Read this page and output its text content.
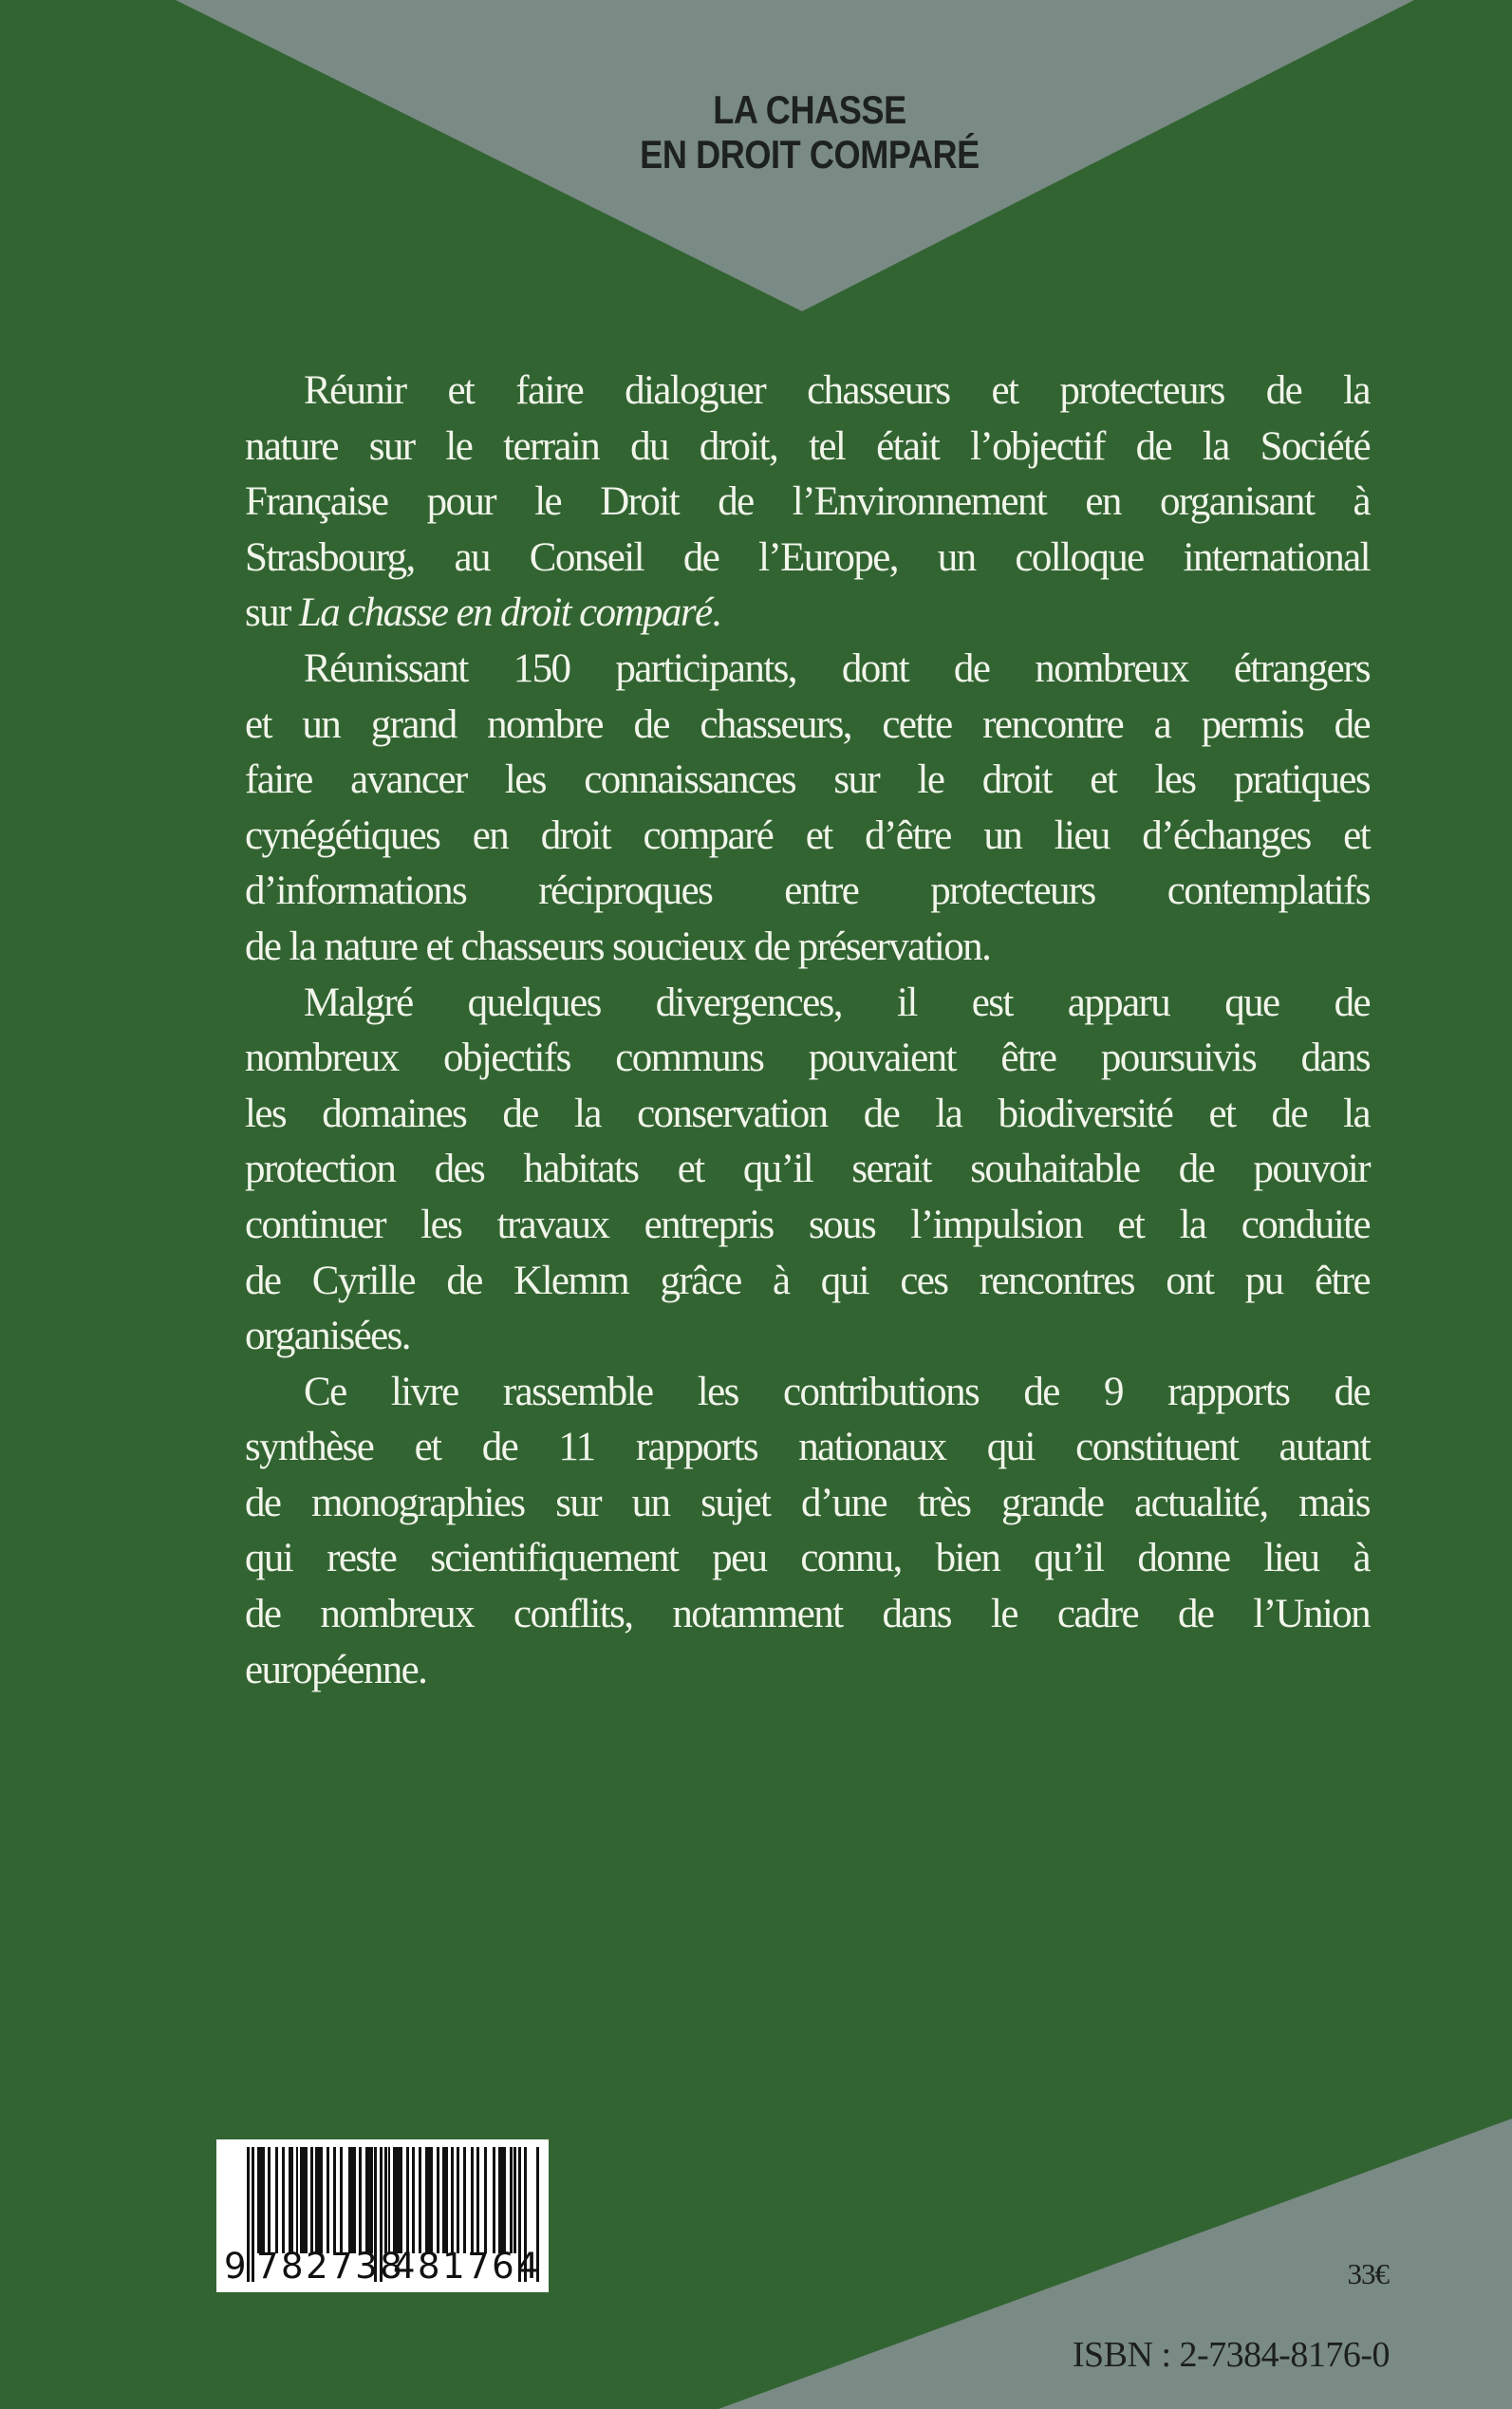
LA CHASSE
EN DROIT COMPARÉ
Réunir et faire dialoguer chasseurs et protecteurs de la
nature sur le terrain du droit, tel était l’objectif de la Société
Française pour le Droit de l’Environnement en organisant à
Strasbourg, au Conseil de l’Europe, un colloque international
sur La chasse en droit comparé.
Réunissant 150 participants, dont de nombreux étrangers
et un grand nombre de chasseurs, cette rencontre a permis de
faire avancer les connaissances sur le droit et les pratiques
cynégétiques en droit comparé et d’être un lieu d’échanges et
d’informations réciproques entre protecteurs contemplatifs
de la nature et chasseurs soucieux de préservation.
Malgré quelques divergences, il est apparu que de
nombreux objectifs communs pouvaient être poursuivis dans
les domaines de la conservation de la biodiversité et de la
protection des habitats et qu’il serait souhaitable de pouvoir
continuer les travaux entrepris sous l’impulsion et la conduite
de Cyrille de Klemm grâce à qui ces rencontres ont pu être
organisées.
Ce livre rassemble les contributions de 9 rapports de
synthèse et de 11 rapports nationaux qui constituent autant
de monographies sur un sujet d’une très grande actualité, mais
qui reste scientifiquement peu connu, bien qu’il donne lieu à
de nombreux conflits, notamment dans le cadre de l’Union
européenne.
9 782738
481764	33€
ISBN : 2-7384-8176-0
